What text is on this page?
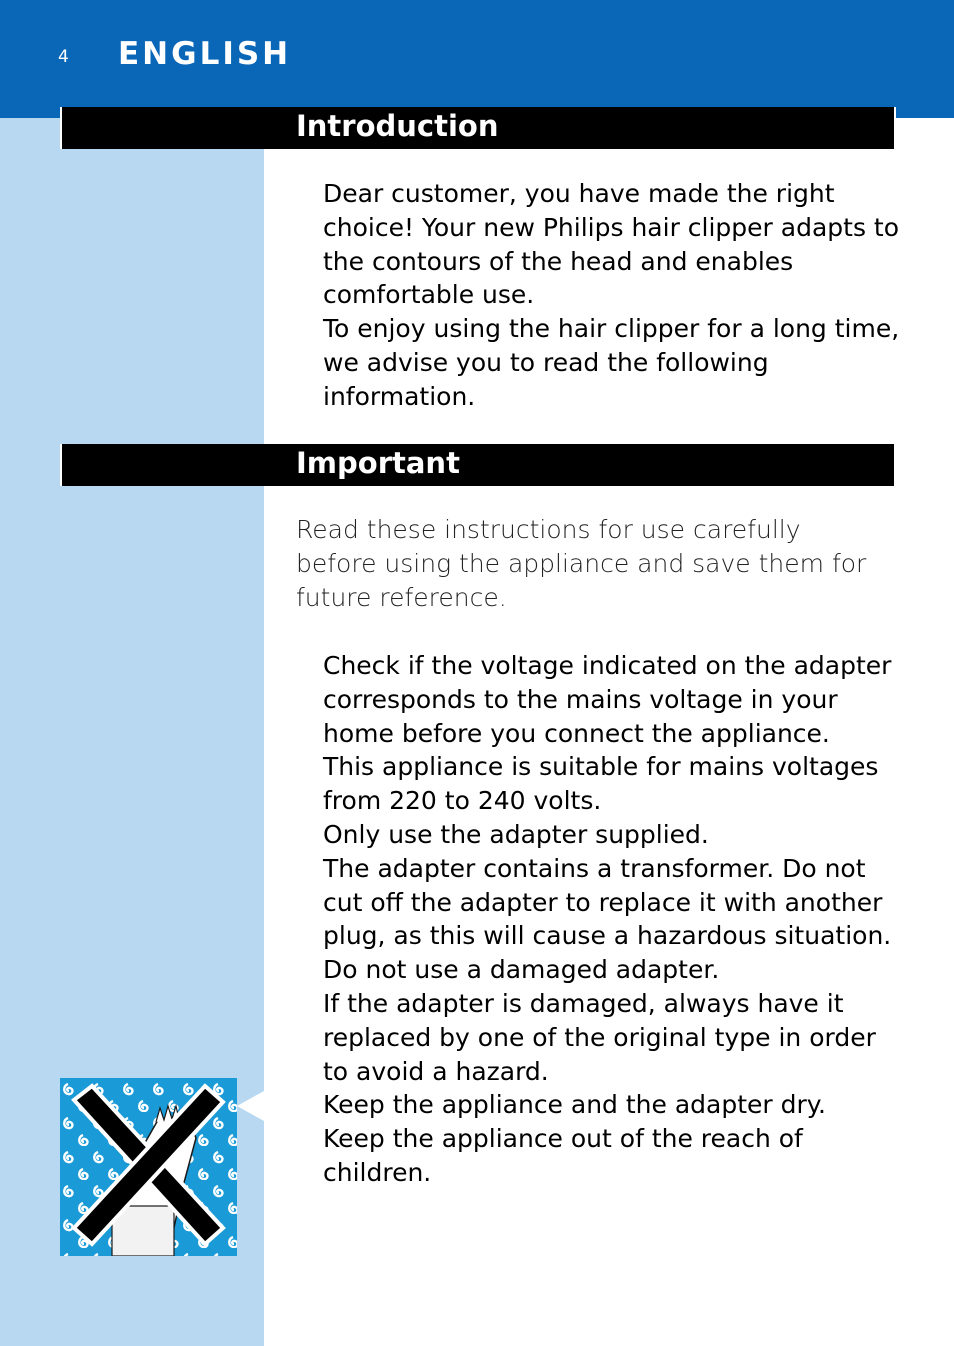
4 ENGLISH
Introduction

Dear customer, you have made the right choice! Your new Philips hair clipper adapts to the contours of the head and enables comfortable use.

To enjoy using the hair clipper for a long time, we advise you to read the following information.

Important
Read these instructions for use carefully before using the appliance and save them for future reference.

Check if the voltage indicated on the adapter corresponds to the mains voltage in your home before you connect the appliance.

This appliance is suitable for mains voltages from 220 to 240 volts.

Only use the adapter supplied.

The adapter contains a transformer. Do not cut off the adapter to replace it with another plug, as this will cause a hazardous situation.

Do not use a damaged adapter.

If the adapter is damaged, always have it replaced by one of the original type in order to avoid a hazard.

Keep the appliance and the adapter dry.

Keep the appliance out of the reach of children.
